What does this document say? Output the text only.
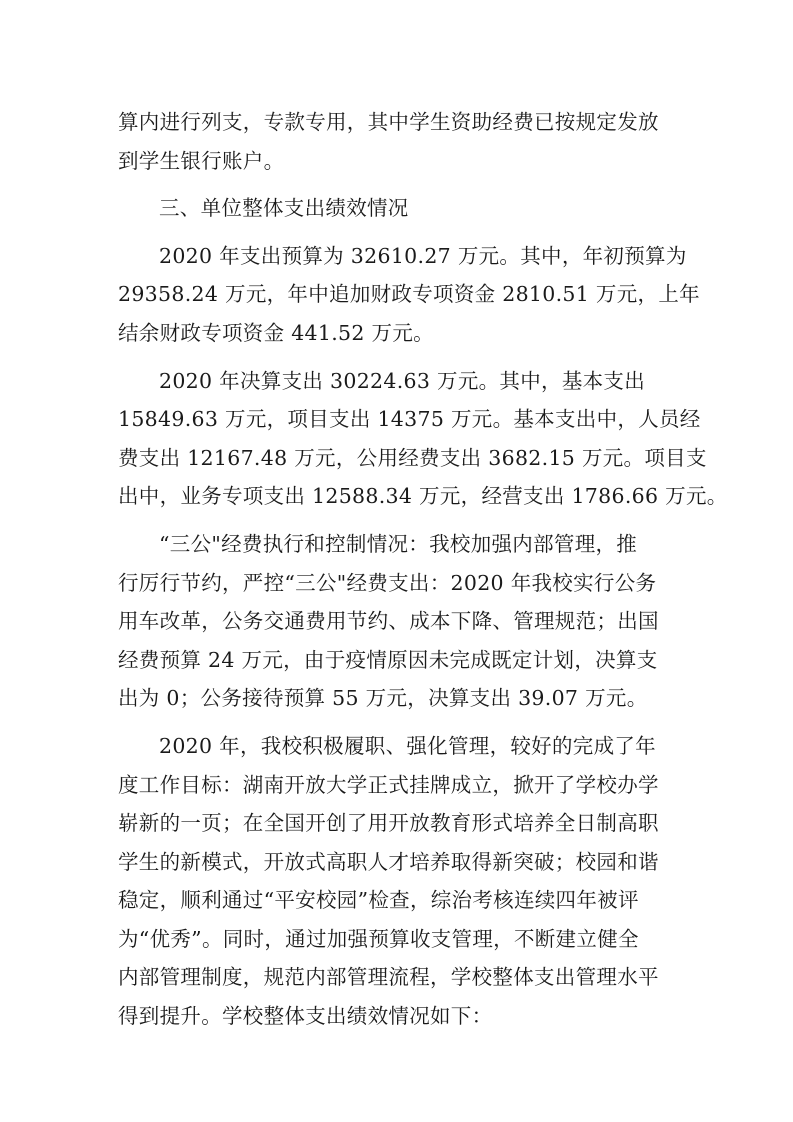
算内进行列支，专款专用，其中学生资助经费已按规定发放
到学生银行账户。

三、单位整体支出绩效情况

2020 年支出预算为 32610.27 万元。其中，年初预算为
29358.24 万元，年中追加财政专项资金 2810.51 万元，上年
结余财政专项资金 441.52 万元。

2020 年决算支出 30224.63 万元。其中，基本支出
15849.63 万元，项目支出 14375 万元。基本支出中，人员经
费支出 12167.48 万元，公用经费支出 3682.15 万元。项目支
出中，业务专项支出 12588.34 万元，经营支出 1786.66 万元。

“三公"经费执行和控制情况：我校加强内部管理，推
行厉行节约，严控“三公"经费支出：2020 年我校实行公务
用车改革，公务交通费用节约、成本下降、管理规范；出国
经费预算 24 万元，由于疫情原因未完成既定计划，决算支
出为 0；公务接待预算 55 万元，决算支出 39.07 万元。

2020 年，我校积极履职、强化管理，较好的完成了年
度工作目标：湖南开放大学正式挂牌成立，掀开了学校办学
崭新的一页；在全国开创了用开放教育形式培养全日制高职
学生的新模式，开放式高职人才培养取得新突破；校园和谐
稳定，顺利通过“平安校园”检查，综治考核连续四年被评
为“优秀”。同时，通过加强预算收支管理，不断建立健全
内部管理制度，规范内部管理流程，学校整体支出管理水平
得到提升。学校整体支出绩效情况如下：
